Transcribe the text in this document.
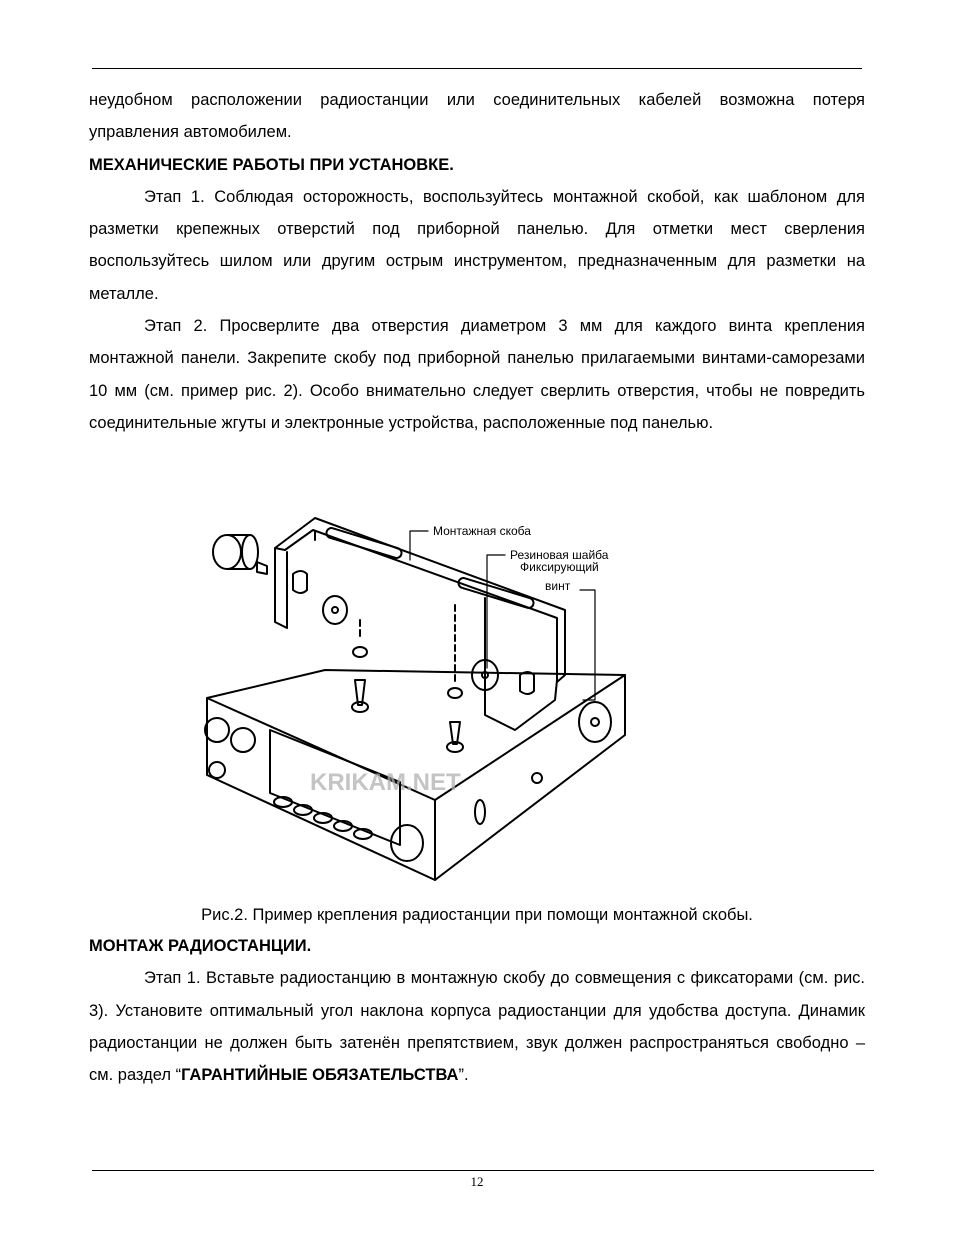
неудобном расположении радиостанции или соединительных кабелей возможна потеря

управления автомобилем.

МЕХАНИЧЕСКИЕ РАБОТЫ ПРИ УСТАНОВКЕ.

Этап 1. Соблюдая осторожность, воспользуйтесь монтажной скобой, как шаблоном для разметки крепежных отверстий под приборной панелью. Для отметки мест сверления воспользуйтесь шилом или другим острым инструментом, предназначенным для разметки на металле.

Этап 2. Просверлите два отверстия диаметром 3 мм для каждого винта крепления монтажной панели. Закрепите скобу под приборной панелью прилагаемыми винтами-саморезами 10 мм (см. пример рис. 2). Особо внимательно следует сверлить отверстия, чтобы не повредить соединительные жгуты и электронные устройства, расположенные под панелью.

Монтажная скоба
Резиновая шайба
Фиксирующий
винт
KRIKAM.NET
Рис.2. Пример крепления радиостанции при помощи монтажной скобы.

МОНТАЖ РАДИОСТАНЦИИ.

Этап 1. Вставьте радиостанцию в монтажную скобу до совмещения с фиксаторами (см. рис. 3). Установите оптимальный угол наклона корпуса радиостанции для удобства доступа. Динамик радиостанции не должен быть затенён препятствием, звук должен распространяться свободно – см. раздел “ГАРАНТИЙНЫЕ ОБЯЗАТЕЛЬСТВА”.

12
